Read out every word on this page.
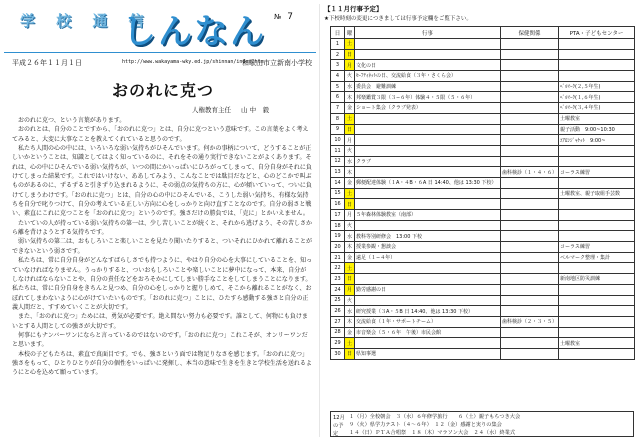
学 校 通 信
しんなん № 7
平成２６年１１月１日	http://www.wakayama-wky.ed.jp/shinnan/index.htm
和歌山市立新南小学校
おのれに克つ
人権教育主任 山 中　毅

おのれに克つ、という言葉があります。

おのれとは、自分のことですから、「おのれに克つ」とは、自分に克つという意味です。この言葉をよく考えてみると、大変に大事なことを教えてくれていると思うのです。

私たち人間の心の中には、いろいろな弱い気持ちがひそんでいます。何かの事柄について、どうすることが正しいかということは、知識としてはよく知っているのに、それをその通り実行できないことがよくあります。それは、心の中にひそんでいる弱い気持ちが、いつの間にかいっぱいにひろがってしまって、自分自身がそれに負けてしまった結果です。これではいけない、ああしてみよう、こんなことでは駄目だなどと、心のどこかで叫ぶものがあるのに、ずるずると引きずり込まれるように、その弱点の気持ちの方に、心が傾いていって、ついに負けてしまうわけです。「おのれに克つ」とは、自分の心の中にひそんでいる、こうした弱い気持ち、有様な気持ちを自分で叱りつけて、自分の考えている正しい方向に心をしっかりと向け直すことなのです。自分の弱さと戦い、素直にこれに克つことを「おのれに克つ」というのです。強さだけの勝負では、「克に」とかいえません。

たいていの人が持っている弱い気持ちの第一は、少し苦しいことが続くと、それから逃げよう、その苦しさから離を背けようとする気持ちです。

弱い気持ちの第二は、おもしろいこと楽しいことを見たり聞いたりすると、ついそれにひかれて離れることができないという弱さです。

私たちは、常に自分自身がどんなすばらしさでも持つように、やはり自分の心を大事にしていることを、知っていなければなりません。うっかりすると、ついおもしろいことや楽しいことに夢中になって、本来、自分がしなければならないことや、自分の責任などをおろそかにしてしまい勝手なことをしてしまうことになります。私たちは、常に自分自身をきちんと見つめ、自分の心をしっかりと握りしめて、そこから離れることがなく、おぼれてしまわないように心がけていたいものです。「おのれに克つ」ことに、ひたすら感動する強さと自分の正義人間だと、すすめていくことが大切です。

また、「おのれに克つ」ためには、勇気が必要です。絶え間ない努力も必要です。誰として、何物にも負けまいとする人間としての強さが大切です。

何事にもナンバーワンにならと言っているのではないのです。「おのれに克つ」これこそが、オンリーワンだと思います。

本校の子どもたちは、素直で真面目です。でも、強さという面では物足りなさを感じます。「おのれに克つ」強さをもって、ひとりひとりが自分の個性をいっぱいに発揮し、本当の意味で生きを生きと学校生活を送れるようにと心を込めて願っています。

【１１月行事予定】
★下校時刻の変更につきましては行事予定欄をご覧下さい。
日	曜	行事	保健関係	PTA・子どもセンター
1	土			
2	日			
3	月	文化の日		
4	火	ｾｰﾌﾃｨﾈｯﾄの日、交流給食（３年・さくら会）		
5	水	委員会　避難訓練		ﾍﾞﾙﾏｰｸ(２,５年生)
6	木	邦楽鑑賞３限（３−６年）体験４・５限（５・６年）		ﾍﾞﾙﾏｰｸ(１,６年生)
7	金	ショート集会（クラブ発表）		ﾍﾞﾙﾏｰｸ(３,４年生)
8	土			土曜教室
9	日			親子活動　9:00~10:30
10	月			ｴｱﾛﾝｼﾞｬｹｯﾄ　9:00~
11	火			
12	水	クラブ		
13	木		歯科検診（１・４・６）	コーラス練習
14	金	郵便配達体験（１A・４B・６A 日 14:40、他は 13:30 下校）		
15	土			土曜教室、親子取組手芸数
16	日			
17	月	５年森林体験教室（南部）		
18	火			
19	水	教科等別研修会　13:00 下校		
20	木	授業参観・懇談会		コーラス練習
21	金	遠足（１−４年）		ベルマーク整理・集計
22	土			
23	日			新南地区防災訓練
24	月	勤労感謝の日		
25	火			
26	水	研究授業（３A・５B 日 14:40、他は 13:30 下校）		
27	木	交流給食（１年・サポートチーム）	歯科検診（２・３・５）	
28	金	市音楽会（５・６年　午後）市民会館		
29	土			土曜教室
30	日	県知事選		
12月の予定
１（月）全校朝会　３（水）６年修学旅行　　６（土）親子もちつき大会
９（火）県学力テスト（４〜６年）　１２（金）感謝と実りの集会
１４（日）ＰＴＡ合唱祭　１８（木）マラソン大会　２４（水）終業式
